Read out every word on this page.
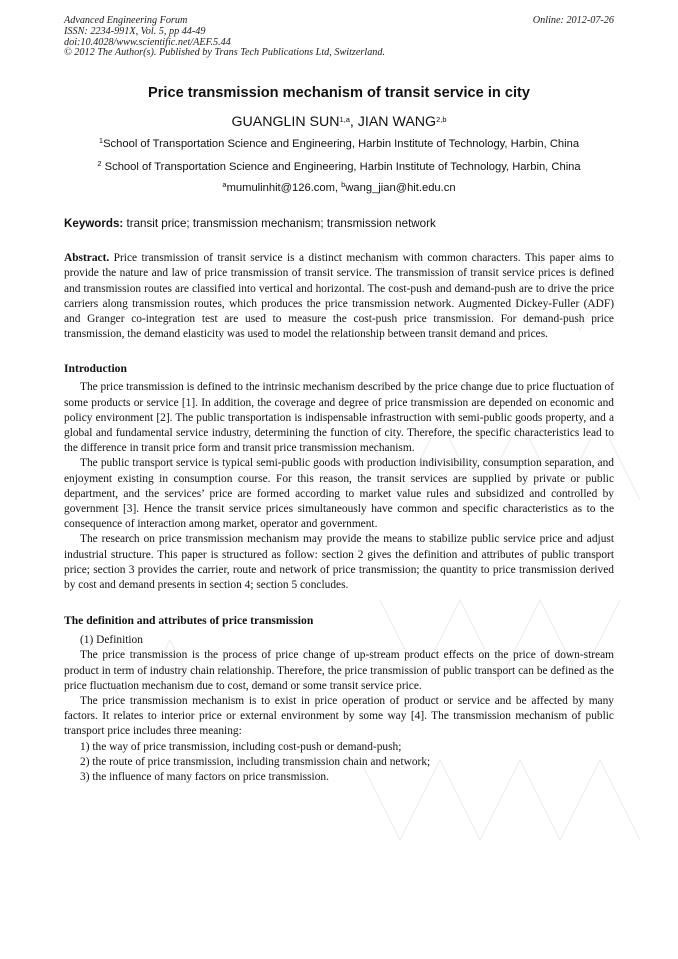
Advanced Engineering Forum
ISSN: 2234-991X, Vol. 5, pp 44-49
doi:10.4028/www.scientific.net/AEF.5.44
© 2012 The Author(s). Published by Trans Tech Publications Ltd, Switzerland.
Online: 2012-07-26
Price transmission mechanism of transit service in city
GUANGLIN SUN$^{1,a}$, JIAN WANG$^{2,b}$
$^1$School of Transportation Science and Engineering, Harbin Institute of Technology, Harbin, China
$^2$ School of Transportation Science and Engineering, Harbin Institute of Technology, Harbin, China
$^a$mumulinhit@126.com, $^b$wang_jian@hit.edu.cn
Keywords: transit price; transmission mechanism; transmission network

Abstract. Price transmission of transit service is a distinct mechanism with common characters. This paper aims to provide the nature and law of price transmission of transit service. The transmission of transit service prices is defined and transmission routes are classified into vertical and horizontal. The cost-push and demand-push are to drive the price carriers along transmission routes, which produces the price transmission network. Augmented Dickey-Fuller (ADF) and Granger co-integration test are used to measure the cost-push price transmission. For demand-push price transmission, the demand elasticity was used to model the relationship between transit demand and prices.

Introduction

The price transmission is defined to the intrinsic mechanism described by the price change due to price fluctuation of some products or service [1]. In addition, the coverage and degree of price transmission are depended on economic and policy environment [2]. The public transportation is indispensable infrastruction with semi-public goods property, and a global and fundamental service industry, determining the function of city. Therefore, the specific characteristics lead to the difference in transit price form and transit price transmission mechanism.

The public transport service is typical semi-public goods with production indivisibility, consumption separation, and enjoyment existing in consumption course. For this reason, the transit services are supplied by private or public department, and the services’ price are formed according to market value rules and subsidized and controlled by government [3]. Hence the transit service prices simultaneously have common and specific characteristics as to the consequence of interaction among market, operator and government.

The research on price transmission mechanism may provide the means to stabilize public service price and adjust industrial structure. This paper is structured as follow: section 2 gives the definition and attributes of public transport price; section 3 provides the carrier, route and network of price transmission; the quantity to price transmission derived by cost and demand presents in section 4; section 5 concludes.

The definition and attributes of price transmission

(1) Definition

The price transmission is the process of price change of up-stream product effects on the price of down-stream product in term of industry chain relationship. Therefore, the price transmission of public transport can be defined as the price fluctuation mechanism due to cost, demand or some transit service price.

The price transmission mechanism is to exist in price operation of product or service and be affected by many factors. It relates to interior price or external environment by some way [4]. The transmission mechanism of public transport price includes three meaning:

1) the way of price transmission, including cost-push or demand-push;

2) the route of price transmission, including transmission chain and network;

3) the influence of many factors on price transmission.
